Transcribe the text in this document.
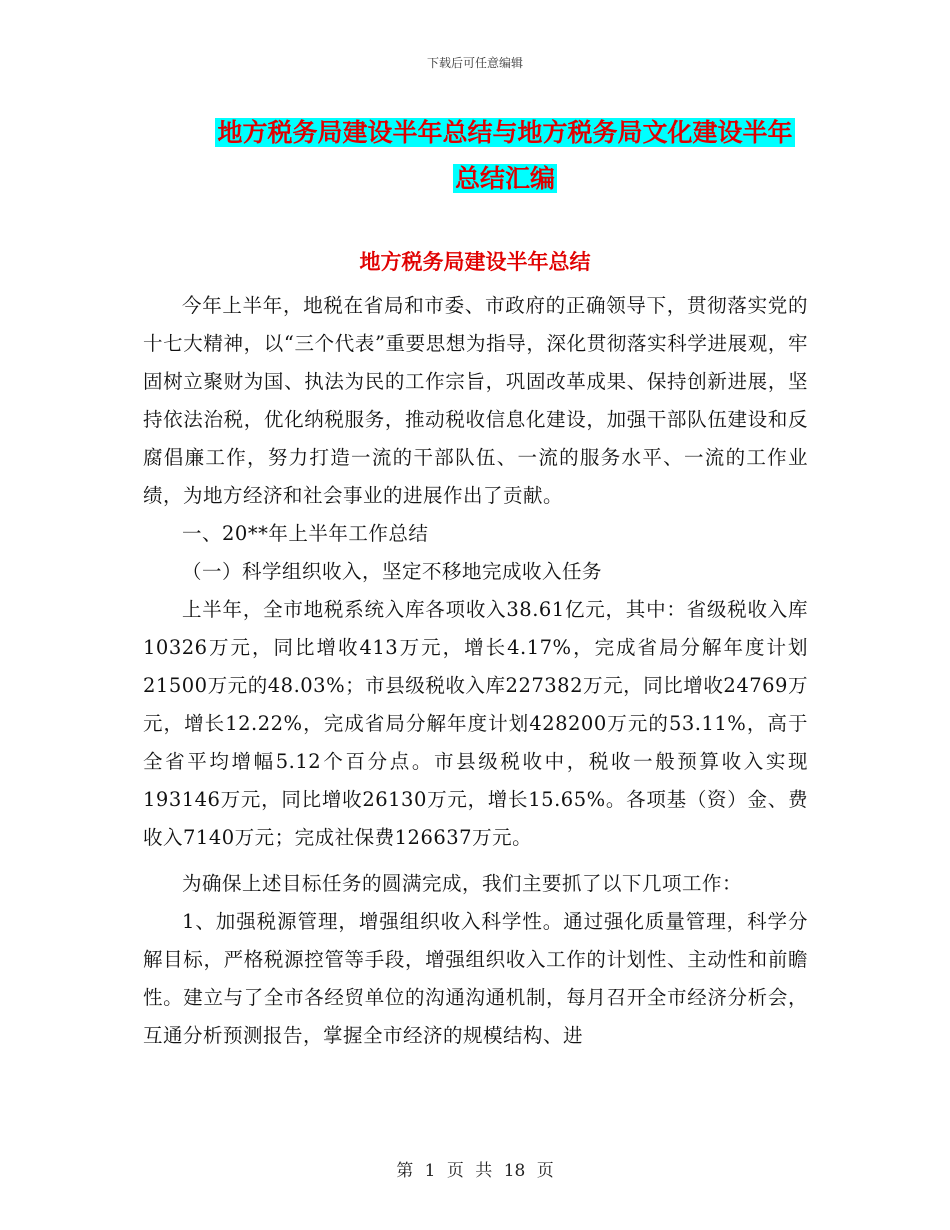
下载后可任意编辑
地方税务局建设半年总结与地方税务局文化建设半年
总结汇编
地方税务局建设半年总结

今年上半年，地税在省局和市委、市政府的正确领导下，贯彻落实党的十七大精神，以“三个代表”重要思想为指导，深化贯彻落实科学进展观，牢固树立聚财为国、执法为民的工作宗旨，巩固改革成果、保持创新进展，坚持依法治税，优化纳税服务，推动税收信息化建设，加强干部队伍建设和反腐倡廉工作，努力打造一流的干部队伍、一流的服务水平、一流的工作业绩，为地方经济和社会事业的进展作出了贡献。

一、20**年上半年工作总结

（一）科学组织收入，坚定不移地完成收入任务

上半年，全市地税系统入库各项收入38.61亿元，其中：省级税收入库10326万元，同比增收413万元，增长4.17%，完成省局分解年度计划21500万元的48.03%；市县级税收入库227382万元，同比增收24769万元，增长12.22%，完成省局分解年度计划428200万元的53.11%，高于全省平均增幅5.12个百分点。市县级税收中，税收一般预算收入实现193146万元，同比增收26130万元，增长15.65%。各项基（资）金、费收入7140万元；完成社保费126637万元。

为确保上述目标任务的圆满完成，我们主要抓了以下几项工作：

1、加强税源管理，增强组织收入科学性。通过强化质量管理，科学分解目标，严格税源控管等手段，增强组织收入工作的计划性、主动性和前瞻性。建立与了全市各经贸单位的沟通沟通机制，每月召开全市经济分析会，互通分析预测报告，掌握全市经济的规模结构、进

第 1 页 共 18 页
